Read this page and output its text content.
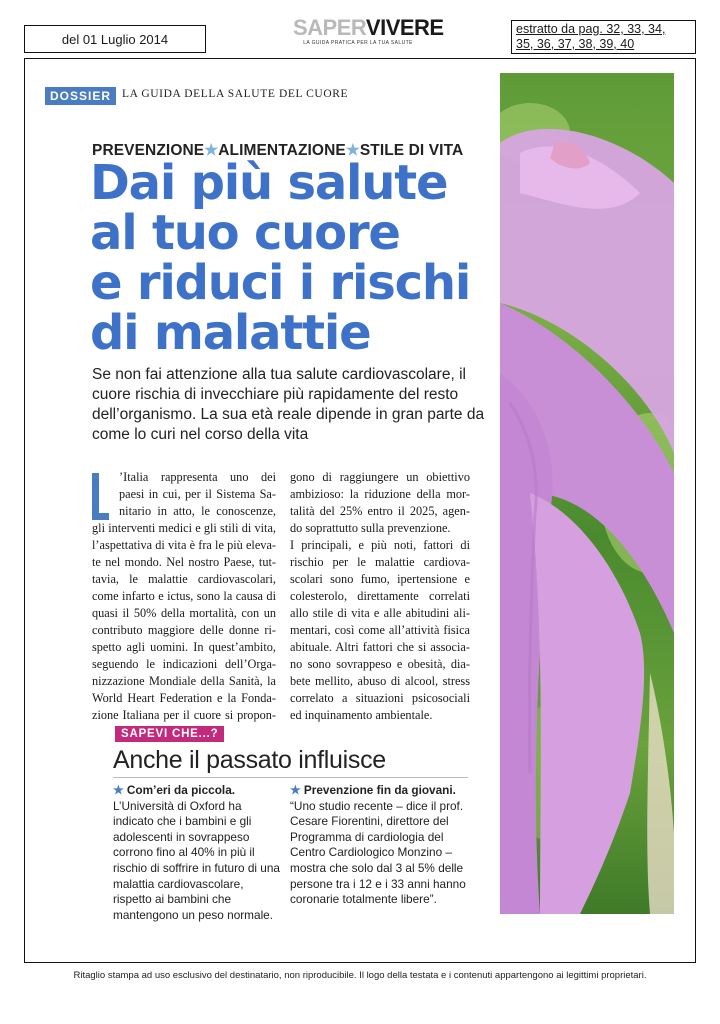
del 01 Luglio 2014	SAPERVIVERE
LA GUIDA PRATICA PER LA TUA SALUTE
estratto da pag. 32, 33, 34,
35, 36, 37, 38, 39, 40
DOSSIER LA GUIDA DELLA SALUTE DEL CUORE
PREVENZIONE★ALIMENTAZIONE★STILE DI VITA
Dai più salute
al tuo cuore
e riduci i rischi
di malattie
Se non fai attenzione alla tua salute cardiovascolare, il cuore rischia di invecchiare più rapidamente del resto dell’organismo. La sua età reale dipende in gran parte da come lo curi nel corso della vita
’Italia rappresenta uno dei
paesi in cui, per il Sistema Sa-
nitario in atto, le conoscenze,
gli interventi medici e gli stili di vita,
l’aspettativa di vita è fra le più eleva-
te nel mondo. Nel nostro Paese, tut-
tavia, le malattie cardiovascolari,
come infarto e ictus, sono la causa di
quasi il 50% della mortalità, con un
contributo maggiore delle donne ri-
spetto agli uomini. In quest’ambito,
seguendo le indicazioni dell’Orga-
nizzazione Mondiale della Sanità, la
World Heart Federation e la Fonda-
zione Italiana per il cuore si propon-
gono di raggiungere un obiettivo
ambizioso: la riduzione della mor-
talità del 25% entro il 2025, agen-
do soprattutto sulla prevenzione.
I principali, e più noti, fattori di
rischio per le malattie cardiova-
scolari sono fumo, ipertensione e
colesterolo, direttamente correlati
allo stile di vita e alle abitudini ali-
mentari, così come all’attività fisica
abituale. Altri fattori che si associa-
no sono sovrappeso e obesità, dia-
bete mellito, abuso di alcool, stress
correlato a situazioni psicosociali
ed inquinamento ambientale.
SAPEVI CHE...?
Anche il passato influisce
★ Com’eri da piccola. L’Università di Oxford ha indicato che i bambini e gli adolescenti in sovrappeso corrono fino al 40% in più il rischio di soffrire in futuro di una malattia cardiovascolare, rispetto ai bambini che mantengono un peso normale.
★ Prevenzione fin da giovani. “Uno studio recente – dice il prof. Cesare Fiorentini, direttore del Programma di cardiologia del Centro Cardiologico Monzino – mostra che solo dal 3 al 5% delle persone tra i 12 e i 33 anni hanno coronarie totalmente libere”.
Ritaglio stampa ad uso esclusivo del destinatario, non riproducibile. Il logo della testata e i contenuti appartengono ai legittimi proprietari.
